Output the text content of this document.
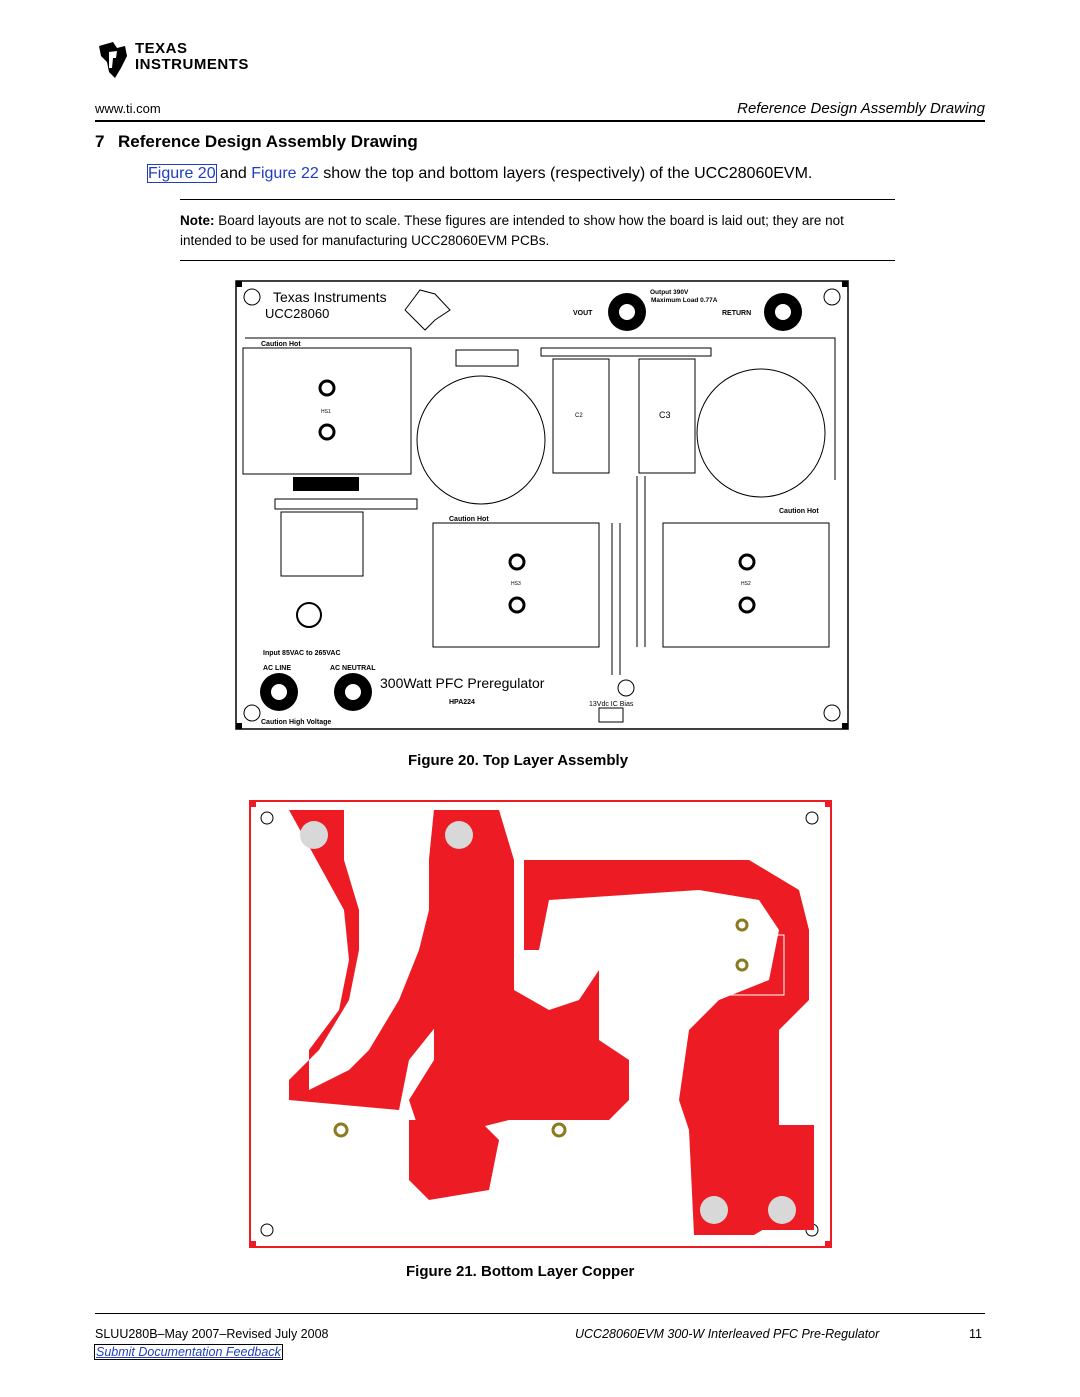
TEXAS
INSTRUMENTS
www.ti.com	Reference Design Assembly Drawing
7 Reference Design Assembly Drawing
Figure 20 and Figure 22 show the top and bottom layers (respectively) of the UCC28060EVM.
Note: Board layouts are not to scale. These figures are intended to show how the board is laid out; they are not intended to be used for manufacturing UCC28060EVM PCBs.
Texas Instruments
UCC28060
Output 390V
Maximum Load 0.77A
VOUT	RETURN
Caution Hot
HS1
C2	C3
Input 85VAC to 265VAC
AC LINE	AC NEUTRAL
300Watt PFC Preregulator
HPA224
Caution High Voltage
Caution Hot
HS3	HS2
Caution Hot
13Vdc IC Bias
Figure 20. Top Layer Assembly
Figure 21. Bottom Layer Copper
SLUU280B–May 2007–Revised July 2008	UCC28060EVM 300-W Interleaved PFC Pre-Regulator	11
Submit Documentation Feedback
